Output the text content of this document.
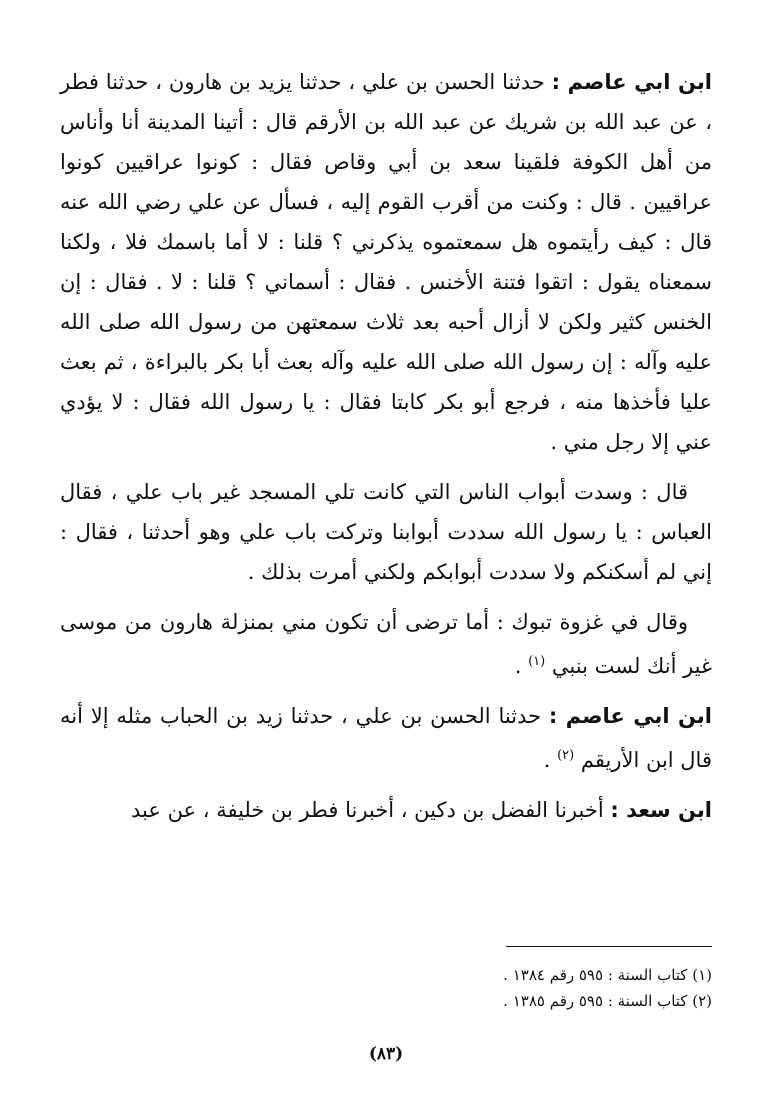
ابن ابي عاصم : حدثنا الحسن بن علي ، حدثنا يزيد بن هارون ، حدثنا فطر ، عن عبد الله بن شريك عن عبد الله بن الأرقم قال : أتينا المدينة أنا وأناس من أهل الكوفة فلقينا سعد بن أبي وقاص فقال : كونوا عراقيين كونوا عراقيين . قال : وكنت من أقرب القوم إليه ، فسأل عن علي رضي الله عنه قال : كيف رأيتموه هل سمعتموه يذكرني ؟ قلنا : لا أما باسمك فلا ، ولكنا سمعناه يقول : اتقوا فتنة الأخنس . فقال : أسماني ؟ قلنا : لا . فقال : إن الخنس كثير ولكن لا أزال أحبه بعد ثلاث سمعتهن من رسول الله صلى الله عليه وآله : إن رسول الله صلى الله عليه وآله بعث أبا بكر بالبراءة ، ثم بعث عليا فأخذها منه ، فرجع أبو بكر كابتا فقال : يا رسول الله فقال : لا يؤدي عني إلا رجل مني .

قال : وسدت أبواب الناس التي كانت تلي المسجد غير باب علي ، فقال العباس : يا رسول الله سددت أبوابنا وتركت باب علي وهو أحدثنا ، فقال : إني لم أسكنكم ولا سددت أبوابكم ولكني أمرت بذلك .

وقال في غزوة تبوك : أما ترضى أن تكون مني بمنزلة هارون من موسى غير أنك لست بنبي $^{(١)}$ .

ابن ابي عاصم : حدثنا الحسن بن علي ، حدثنا زيد بن الحباب مثله إلا أنه قال ابن الأريقم $^{(٢)}$ .

ابن سعد : أخبرنا الفضل بن دكين ، أخبرنا فطر بن خليفة ، عن عبد

(١) كتاب السنة : ٥٩٥ رقم ١٣٨٤ .
(٢) كتاب السنة : ٥٩٥ رقم ١٣٨٥ .
(٨٣)
